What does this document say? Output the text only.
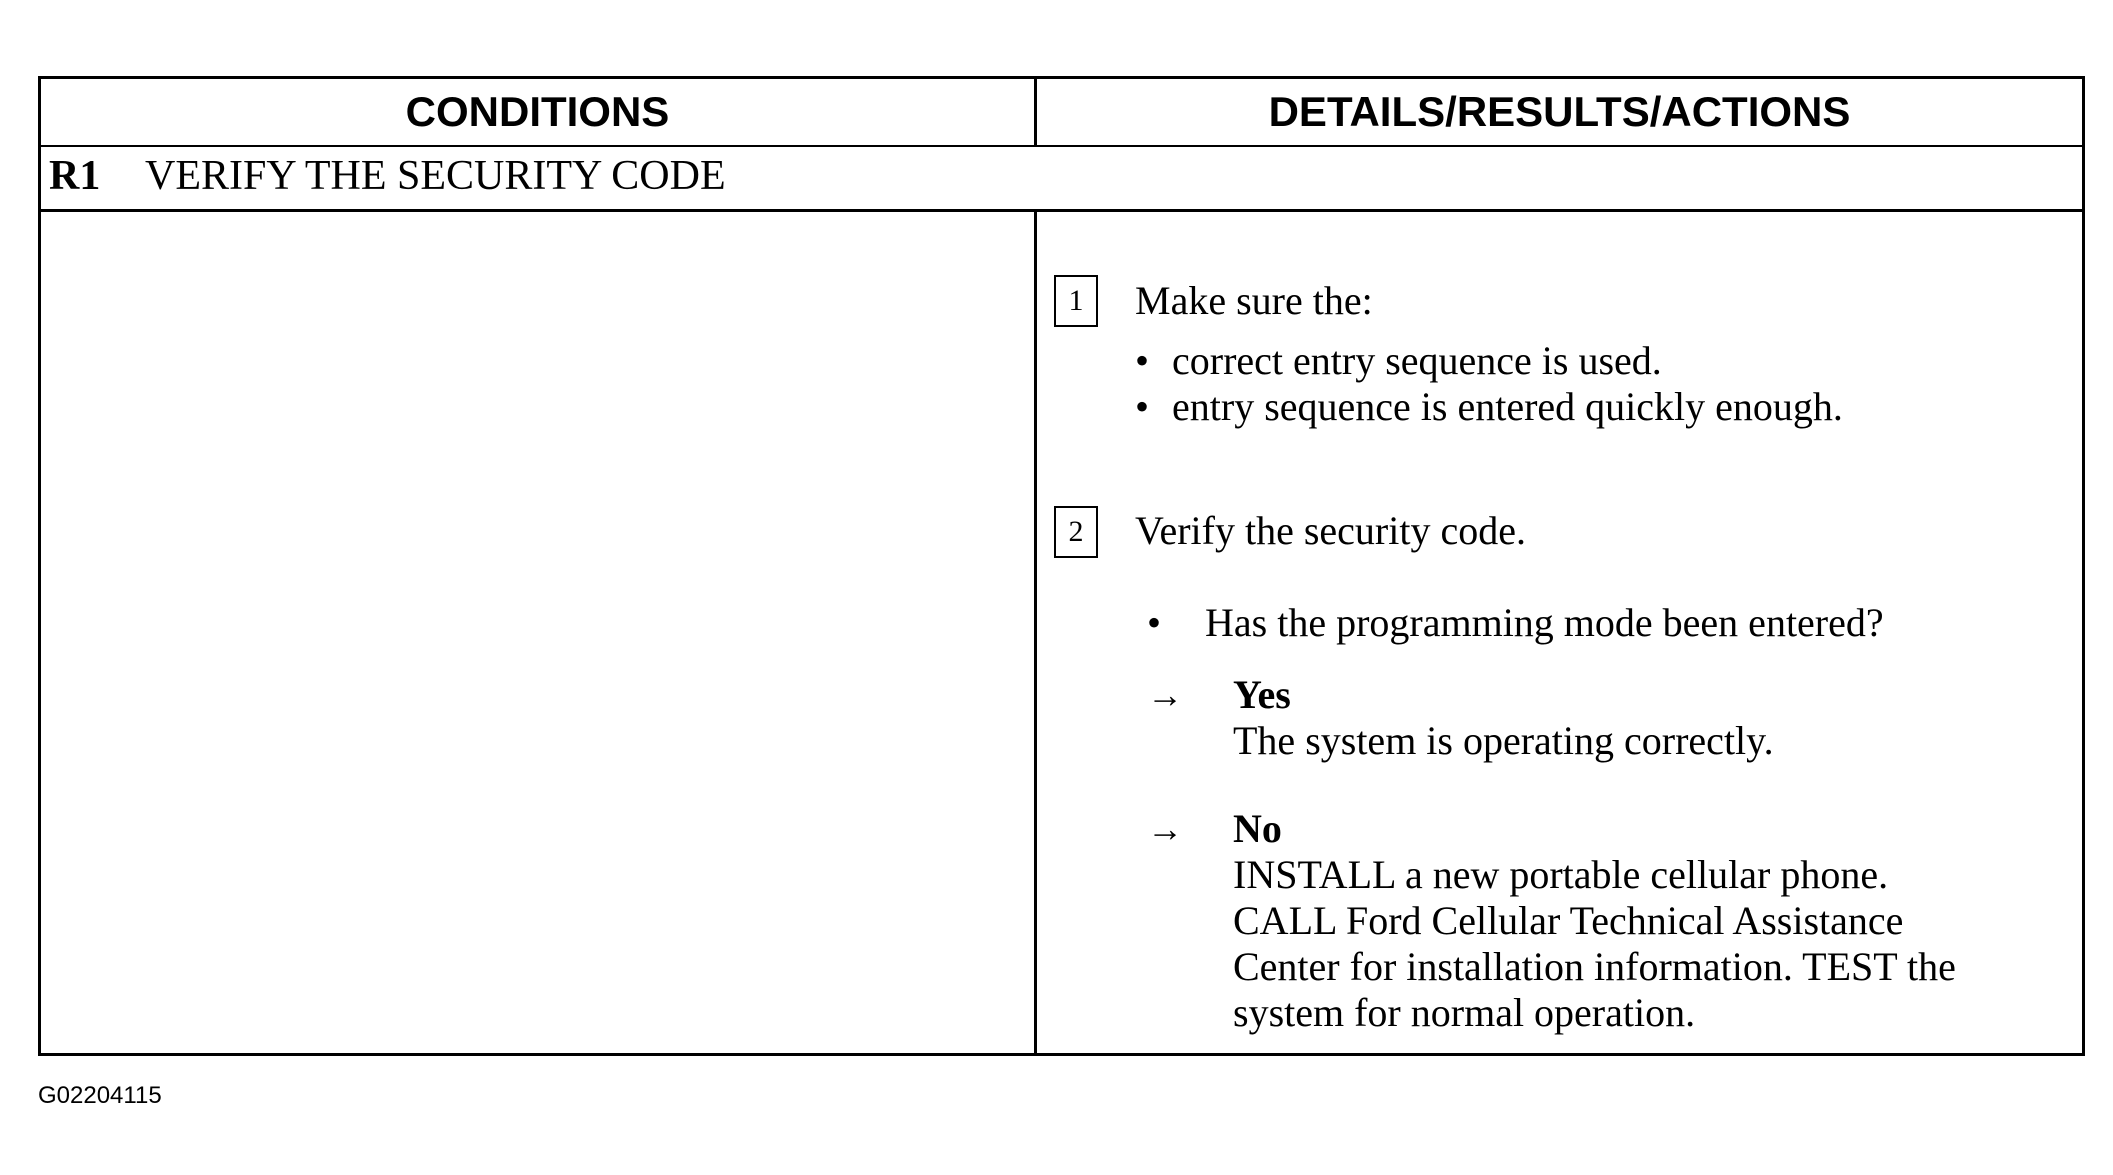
CONDITIONS	DETAILS/RESULTS/ACTIONS
R1 VERIFY THE SECURITY CODE
1	Make sure the:
• correct entry sequence is used.
• entry sequence is entered quickly enough.
2	Verify the security code.
• Has the programming mode been entered?
→ Yes
The system is operating correctly.
→ No
INSTALL a new portable cellular phone.
CALL Ford Cellular Technical Assistance
Center for installation information. TEST the
system for normal operation.
G02204115
